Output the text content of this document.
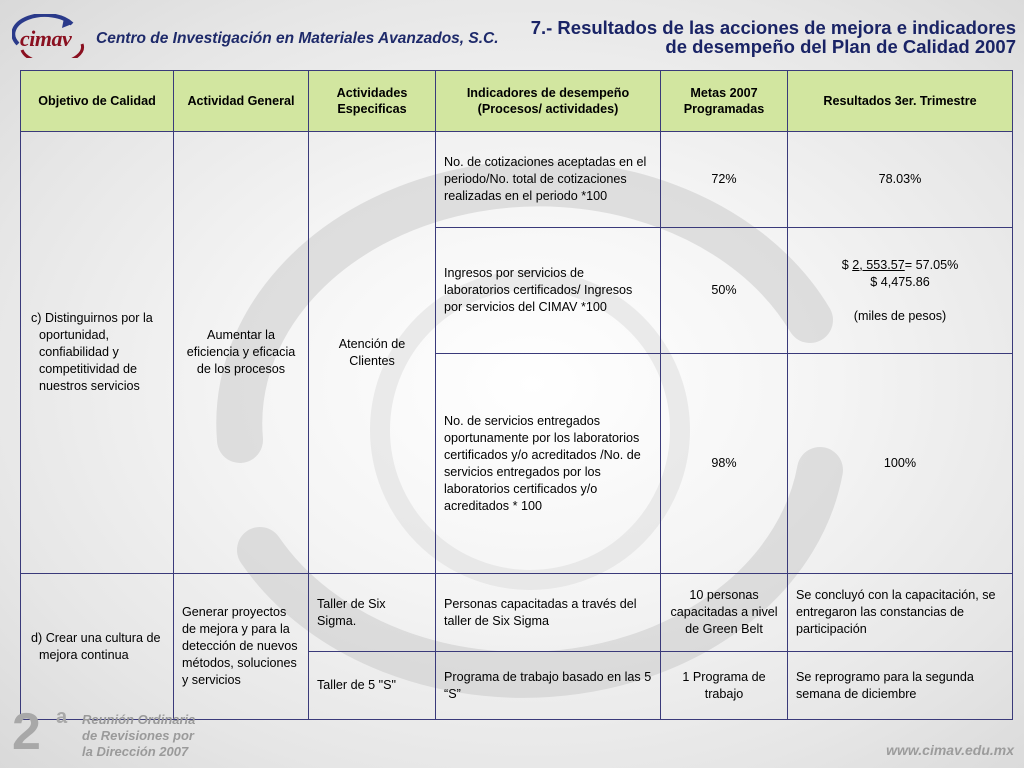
cimav Centro de Investigación en Materiales Avanzados, S.C.
7.- Resultados de las acciones de mejora e indicadores
de desempeño del Plan de Calidad 2007
Objetivo de Calidad	Actividad General	Actividades Especificas	Indicadores de desempeño (Procesos/ actividades)	Metas 2007 Programadas	Resultados 3er. Trimestre
c) Distinguirnos por la oportunidad, confiabilidad y competitividad de nuestros servicios	Aumentar la eficiencia y eficacia de los procesos	Atención de Clientes	No. de cotizaciones aceptadas en el periodo/No. total de cotizaciones realizadas en el periodo *100	72%	78.03%
			Ingresos por servicios de laboratorios certificados/ Ingresos por servicios del CIMAV *100	50%	$ 2, 553.57= 57.05%
$ 4,475.86
(miles de pesos)

			No. de servicios entregados oportunamente por los laboratorios certificados y/o acreditados /No. de servicios entregados por los laboratorios certificados y/o acreditados * 100	98%	100%
d) Crear una cultura de mejora continua	Generar proyectos de mejora y para la detección de nuevos métodos, soluciones y servicios	Taller de Six Sigma.	Personas capacitadas a través del taller de Six Sigma	10 personas capacitadas a nivel de Green Belt	Se concluyó con la capacitación, se entregaron las constancias de participación
		Taller de 5 "S"	Programa de trabajo basado en las 5 “S”	1 Programa de trabajo	Se reprogramo para la segunda semana de diciembre
2 a Reunión Ordinaria
de Revisiones por
la Dirección 2007	www.cimav.edu.mx
